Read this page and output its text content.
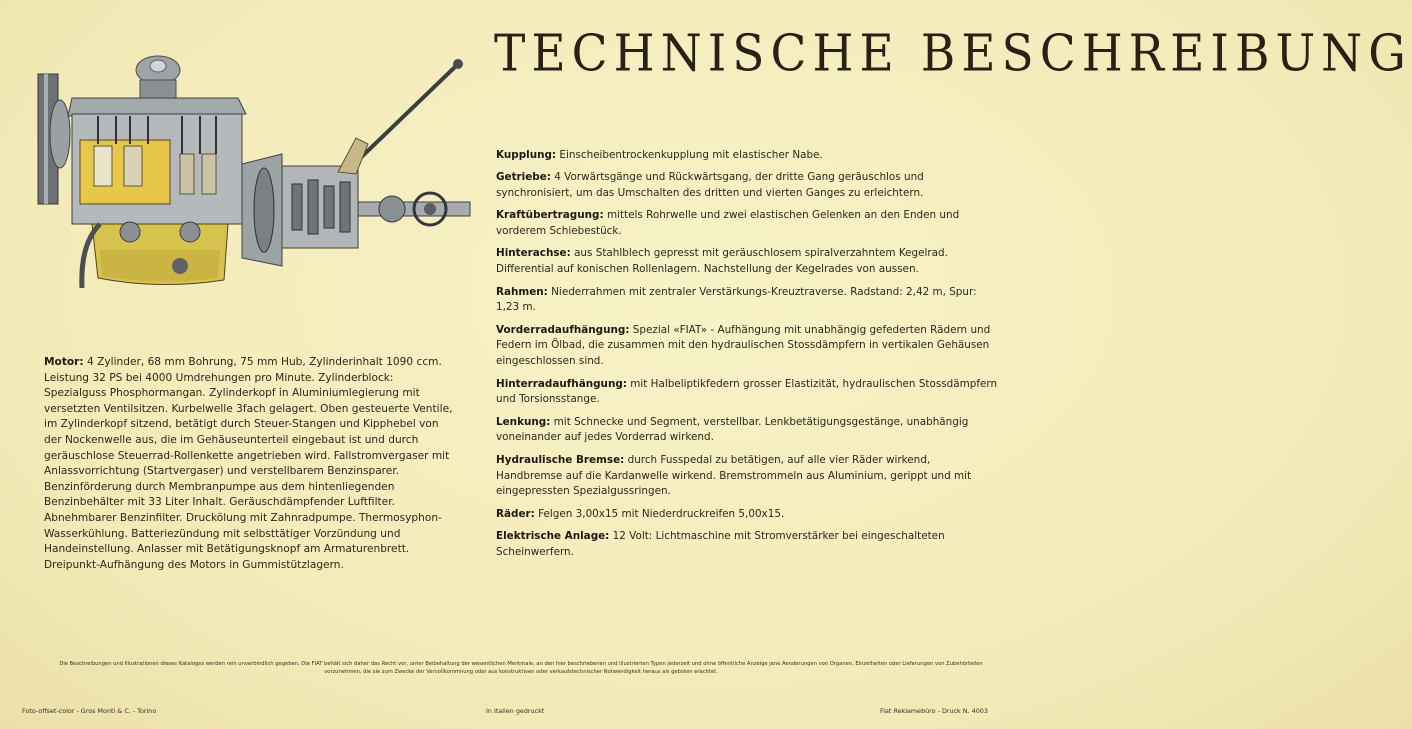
TECHNISCHE BESCHREIBUNG
Motor: 4 Zylinder, 68 mm Bohrung, 75 mm Hub, Zylinderinhalt 1090 ccm. Leistung 32 PS bei 4000 Umdrehungen pro Minute. Zylinderblock: Spezialguss Phosphormangan. Zylinderkopf in Aluminiumlegierung mit versetzten Ventilsitzen. Kurbelwelle 3fach gelagert. Oben gesteuerte Ventile, im Zylinderkopf sitzend, betätigt durch Steuer-Stangen und Kipphebel von der Nockenwelle aus, die im Gehäuseunterteil eingebaut ist und durch geräuschlose Steuerrad-Rollenkette angetrieben wird. Fallstromvergaser mit Anlassvorrichtung (Startvergaser) und verstellbarem Benzinsparer. Benzinförderung durch Membranpumpe aus dem hintenliegenden Benzinbehälter mit 33 Liter Inhalt. Geräuschdämpfender Luftfilter. Abnehmbarer Benzinfilter. Druckölung mit Zahnradpumpe. Thermosyphon-Wasserkühlung. Batteriezündung mit selbsttätiger Vorzündung und Handeinstellung. Anlasser mit Betätigungsknopf am Armaturenbrett. Dreipunkt-Aufhängung des Motors in Gummistützlagern.
Kupplung: Einscheibentrockenkupplung mit elastischer Nabe.
Getriebe: 4 Vorwärtsgänge und Rückwärtsgang, der dritte Gang geräuschlos und synchronisiert, um das Umschalten des dritten und vierten Ganges zu erleichtern.
Kraftübertragung: mittels Rohrwelle und zwei elastischen Gelenken an den Enden und vorderem Schiebestück.
Hinterachse: aus Stahlblech gepresst mit geräuschlosem spiralverzahntem Kegelrad. Differential auf konischen Rollenlagern. Nachstellung der Kegelrades von aussen.
Rahmen: Niederrahmen mit zentraler Verstärkungs-Kreuztraverse. Radstand: 2,42 m, Spur: 1,23 m.
Vorderradaufhängung: Spezial «FIAT» - Aufhängung mit unabhängig gefederten Rädern und Federn im Ölbad, die zusammen mit den hydraulischen Stossdämpfern in vertikalen Gehäusen eingeschlossen sind.
Hinterradaufhängung: mit Halbeliptikfedern grosser Elastizität, hydraulischen Stossdämpfern und Torsionsstange.
Lenkung: mit Schnecke und Segment, verstellbar. Lenkbetätigungsgestänge, unabhängig voneinander auf jedes Vorderrad wirkend.
Hydraulische Bremse: durch Fusspedal zu betätigen, auf alle vier Räder wirkend, Handbremse auf die Kardanwelle wirkend. Bremstrommeln aus Aluminium, gerippt und mit eingepressten Spezialgussringen.
Räder: Felgen 3,00x15 mit Niederdruckreifen 5,00x15.
Elektrische Anlage: 12 Volt: Lichtmaschine mit Stromverstärker bei eingeschalteten Scheinwerfern.
Die Beschreibungen und Illustrationen dieses Kataloges werden rein unverbindlich gegeben. Die FIAT behält sich daher das Recht vor, unter Beibehaltung der wesentlichen Merkmale, an den hier beschriebenen und illustrierten Typen jederzeit und ohne öffentliche Anzeige jene Aenderungen von Organen, Einzelheiten oder Lieferungen von Zubehörteilen vorzunehmen, die sie zum Zwecke der Vervollkommnung oder aus konstruktiven oder verkaufstechnischer Notwendigkeit heraus als geboten erachtet.
Foto-offset-color - Gros Monti & C. - Torino	In Italien gedruckt	Fiat Reklamebüro - Druck N. 4003
